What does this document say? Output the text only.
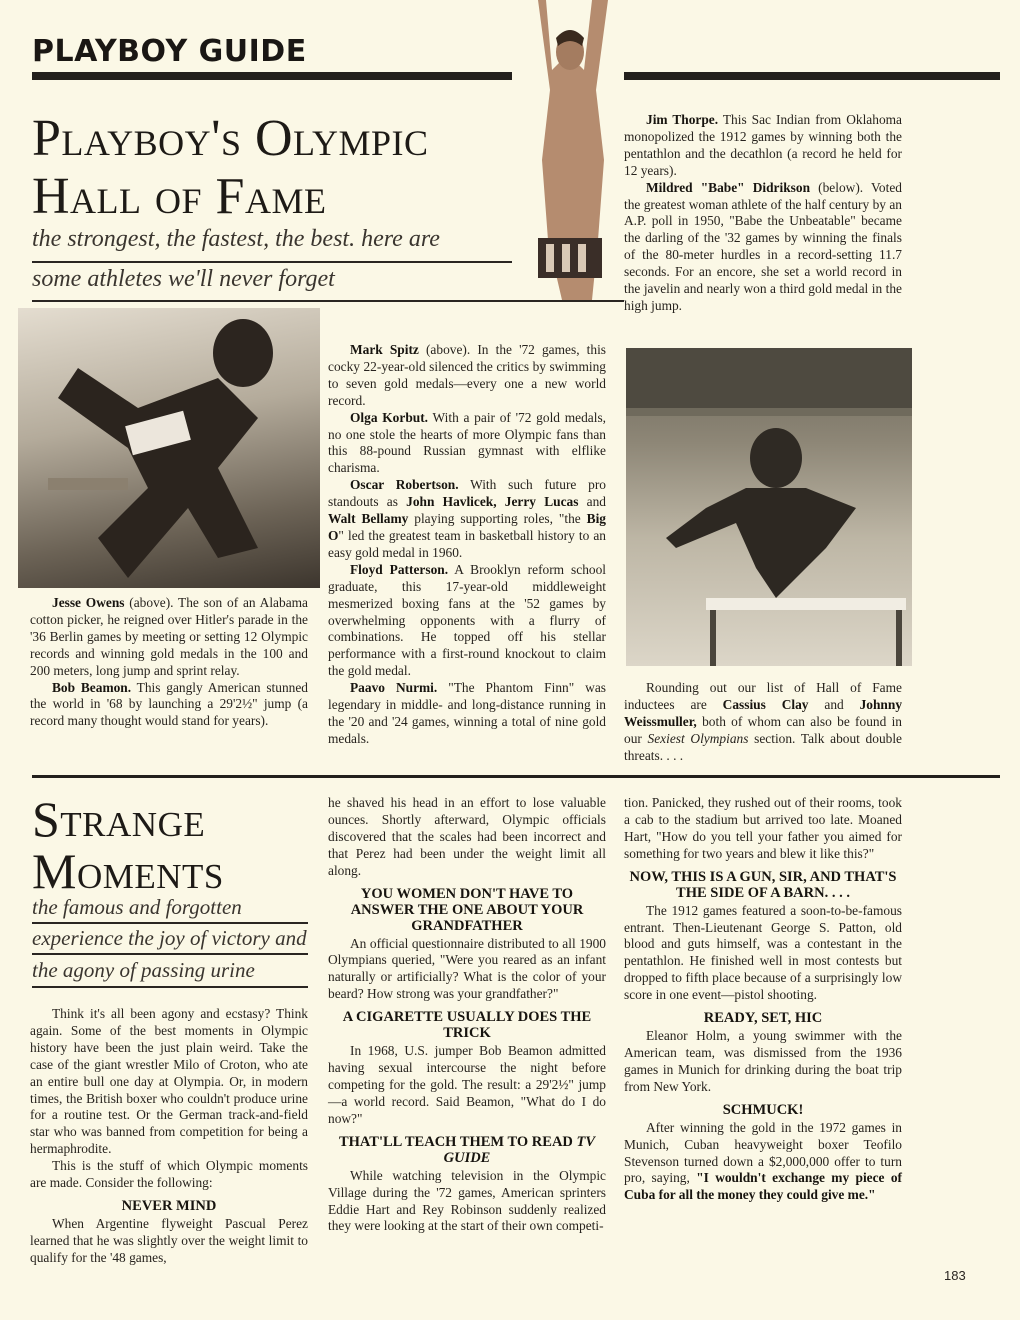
PLAYBOY GUIDE
Playboy's Olympic
Hall of Fame
the strongest, the fastest, the best. here are
some athletes we'll never forget

Jesse Owens (above). The son of an Alabama cotton picker, he reigned over Hitler's parade in the '36 Berlin games by meeting or setting 12 Olympic records and winning gold medals in the 100 and 200 meters, long jump and sprint relay.

Bob Beamon. This gangly American stunned the world in '68 by launching a 29'2½" jump (a record many thought would stand for years).

Mark Spitz (above). In the '72 games, this cocky 22-year-old silenced the critics by swimming to seven gold medals—every one a new world record.

Olga Korbut. With a pair of '72 gold medals, no one stole the hearts of more Olympic fans than this 88-pound Russian gymnast with elflike charisma.

Oscar Robertson. With such future pro standouts as John Havlicek, Jerry Lucas and Walt Bellamy playing supporting roles, "the Big O" led the greatest team in basketball history to an easy gold medal in 1960.

Floyd Patterson. A Brooklyn reform school graduate, this 17-year-old middleweight mesmerized boxing fans at the '52 games by overwhelming opponents with a flurry of combinations. He topped off his stellar performance with a first-round knockout to claim the gold medal.

Paavo Nurmi. "The Phantom Finn" was legendary in middle- and long-distance running in the '20 and '24 games, winning a total of nine gold medals.

Jim Thorpe. This Sac Indian from Oklahoma monopolized the 1912 games by winning both the pentathlon and the decathlon (a record he held for 12 years).

Mildred "Babe" Didrikson (below). Voted the greatest woman athlete of the half century by an A.P. poll in 1950, "Babe the Unbeatable" became the darling of the '32 games by winning the finals of the 80-meter hurdles in a record-setting 11.7 seconds. For an encore, she set a world record in the javelin and nearly won a third gold medal in the high jump.

Rounding out our list of Hall of Fame inductees are Cassius Clay and Johnny Weissmuller, both of whom can also be found in our Sexiest Olympians section. Talk about double threats. . . .

Strange
Moments
the famous and forgotten
experience the joy of victory and
the agony of passing urine

Think it's all been agony and ecstasy? Think again. Some of the best moments in Olympic history have been the just plain weird. Take the case of the giant wrestler Milo of Croton, who ate an entire bull one day at Olympia. Or, in modern times, the British boxer who couldn't produce urine for a routine test. Or the German track-and-field star who was banned from competition for being a hermaphrodite.

This is the stuff of which Olympic moments are made. Consider the following:

NEVER MIND

When Argentine flyweight Pascual Perez learned that he was slightly over the weight limit to qualify for the '48 games,

he shaved his head in an effort to lose valuable ounces. Shortly afterward, Olympic officials discovered that the scales had been incorrect and that Perez had been under the weight limit all along.

YOU WOMEN DON'T HAVE TO ANSWER THE ONE ABOUT YOUR GRANDFATHER

An official questionnaire distributed to all 1900 Olympians queried, "Were you reared as an infant naturally or artificially? What is the color of your beard? How strong was your grandfather?"

A CIGARETTE USUALLY DOES THE TRICK

In 1968, U.S. jumper Bob Beamon admitted having sexual intercourse the night before competing for the gold. The result: a 29'2½" jump—a world record. Said Beamon, "What do I do now?"

THAT'LL TEACH THEM TO READ TV GUIDE

While watching television in the Olympic Village during the '72 games, American sprinters Eddie Hart and Rey Robinson suddenly realized they were looking at the start of their own competi-

tion. Panicked, they rushed out of their rooms, took a cab to the stadium but arrived too late. Moaned Hart, "How do you tell your father you aimed for something for two years and blew it like this?"

NOW, THIS IS A GUN, SIR, AND THAT'S THE SIDE OF A BARN. . . .

The 1912 games featured a soon-to-be-famous entrant. Then-Lieutenant George S. Patton, old blood and guts himself, was a contestant in the pentathlon. He finished well in most contests but dropped to fifth place because of a surprisingly low score in one event—pistol shooting.

READY, SET, HIC

Eleanor Holm, a young swimmer with the American team, was dismissed from the 1936 games in Munich for drinking during the boat trip from New York.

SCHMUCK!

After winning the gold in the 1972 games in Munich, Cuban heavyweight boxer Teofilo Stevenson turned down a $2,000,000 offer to turn pro, saying, "I wouldn't exchange my piece of Cuba for all the money they could give me."

183
